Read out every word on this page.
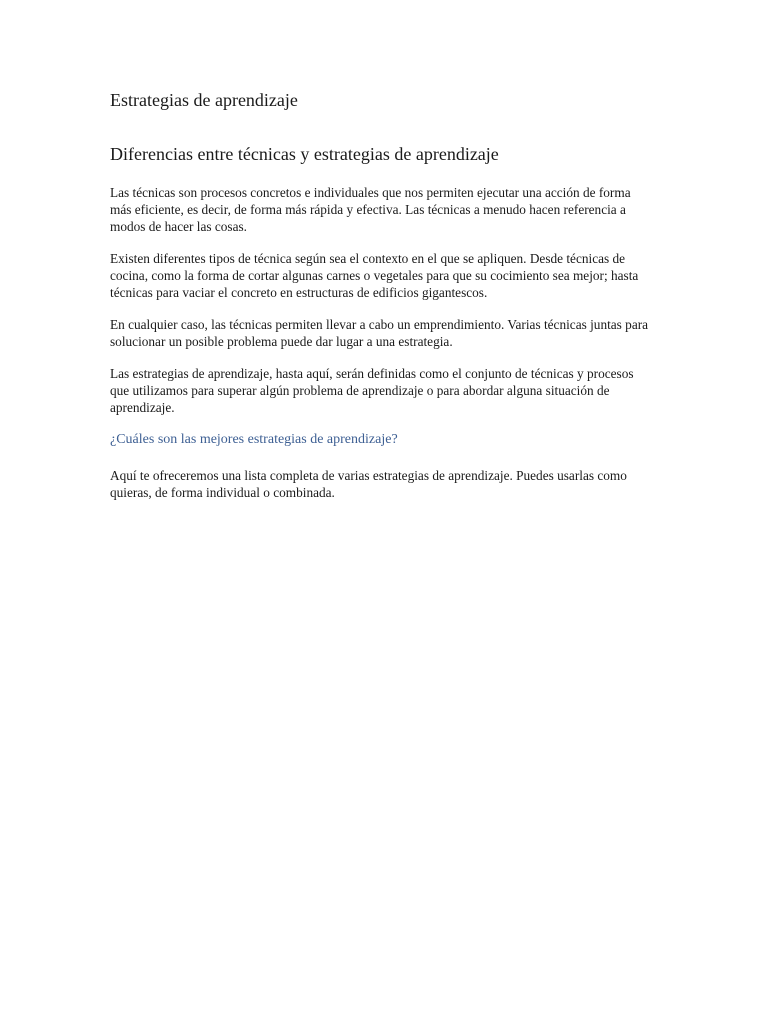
Estrategias de aprendizaje
Diferencias entre técnicas y estrategias de aprendizaje

Las técnicas son procesos concretos e individuales que nos permiten ejecutar una acción de forma más eficiente, es decir, de forma más rápida y efectiva. Las técnicas a menudo hacen referencia a modos de hacer las cosas.

Existen diferentes tipos de técnica según sea el contexto en el que se apliquen. Desde técnicas de cocina, como la forma de cortar algunas carnes o vegetales para que su cocimiento sea mejor; hasta técnicas para vaciar el concreto en estructuras de edificios gigantescos.

En cualquier caso, las técnicas permiten llevar a cabo un emprendimiento. Varias técnicas juntas para solucionar un posible problema puede dar lugar a una estrategia.

Las estrategias de aprendizaje, hasta aquí, serán definidas como el conjunto de técnicas y procesos que utilizamos para superar algún problema de aprendizaje o para abordar alguna situación de aprendizaje.

¿Cuáles son las mejores estrategias de aprendizaje?

Aquí te ofreceremos una lista completa de varias estrategias de aprendizaje. Puedes usarlas como quieras, de forma individual o combinada.
